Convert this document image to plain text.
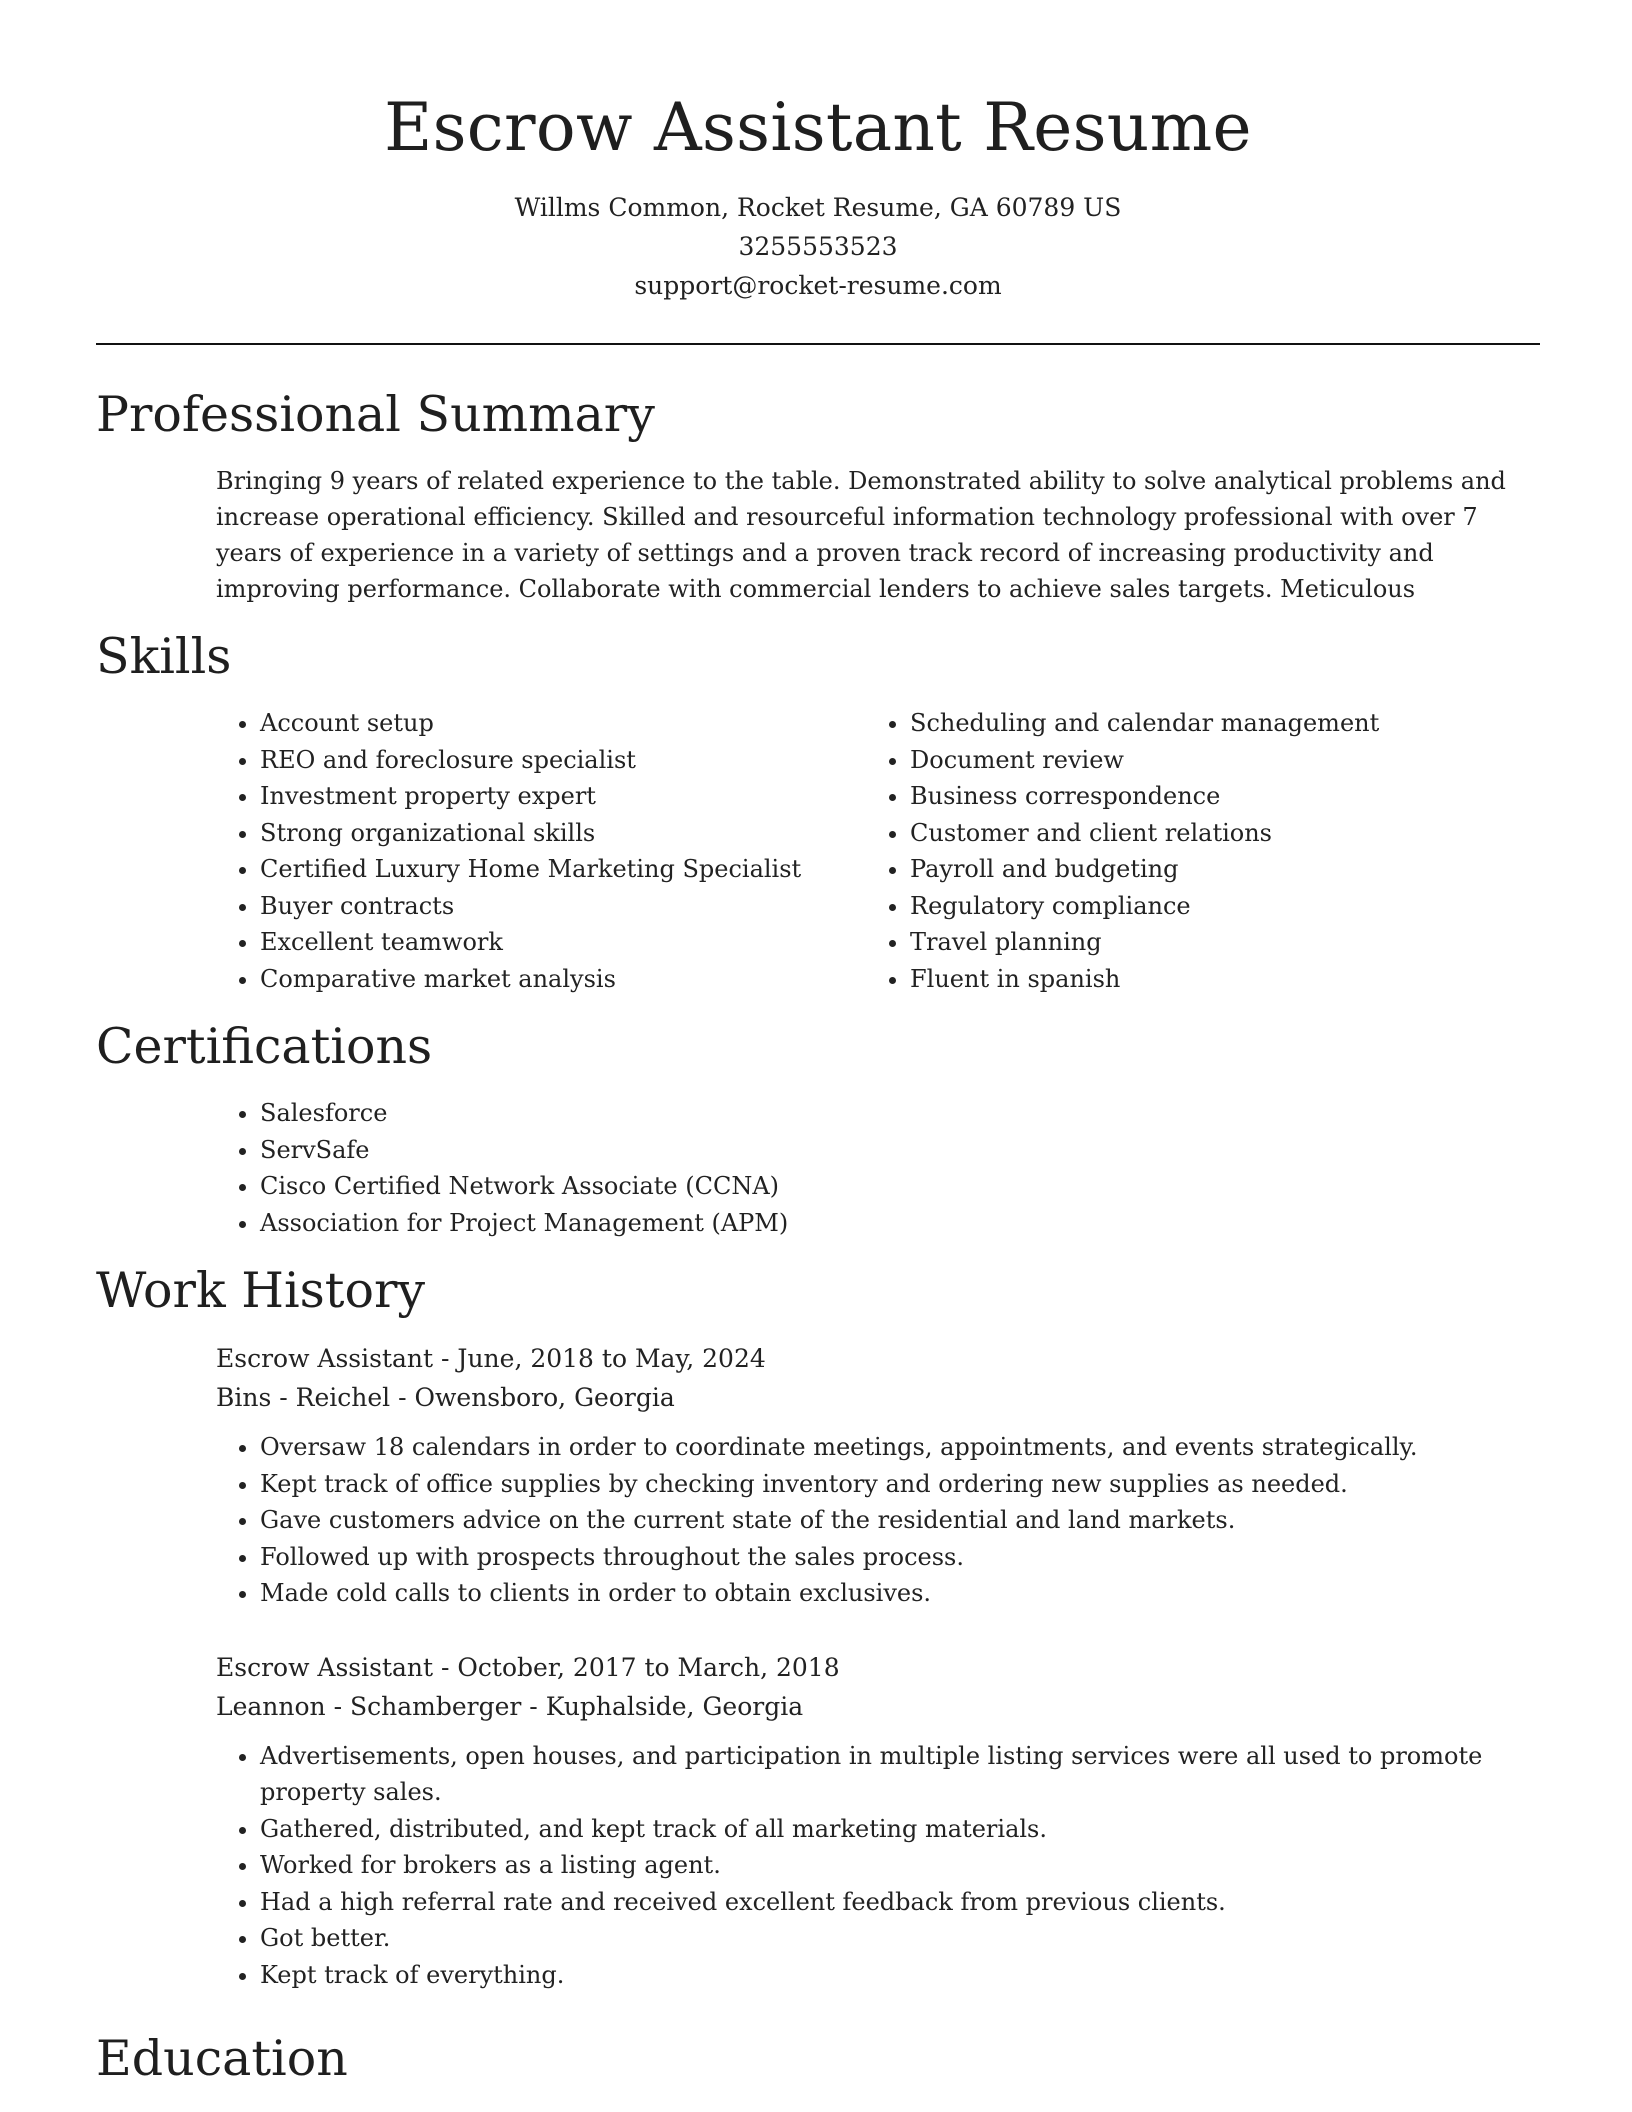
Escrow Assistant Resume
Willms Common, Rocket Resume, GA 60789 US
3255553523
support@rocket-resume.com
Professional Summary

Bringing 9 years of related experience to the table. Demonstrated ability to solve analytical problems and increase operational efficiency. Skilled and resourceful information technology professional with over 7 years of experience in a variety of settings and a proven track record of increasing productivity and improving performance. Collaborate with commercial lenders to achieve sales targets. Meticulous

Skills
• Account setup
• REO and foreclosure specialist
• Investment property expert
• Strong organizational skills
• Certified Luxury Home Marketing Specialist
• Buyer contracts
• Excellent teamwork
• Comparative market analysis
• Scheduling and calendar management
• Document review
• Business correspondence
• Customer and client relations
• Payroll and budgeting
• Regulatory compliance
• Travel planning
• Fluent in spanish
Certifications
• Salesforce
• ServSafe
• Cisco Certified Network Associate (CCNA)
• Association for Project Management (APM)
Work History
Escrow Assistant - June, 2018 to May, 2024
Bins - Reichel - Owensboro, Georgia
• Oversaw 18 calendars in order to coordinate meetings, appointments, and events strategically.
• Kept track of office supplies by checking inventory and ordering new supplies as needed.
• Gave customers advice on the current state of the residential and land markets.
• Followed up with prospects throughout the sales process.
• Made cold calls to clients in order to obtain exclusives.
Escrow Assistant - October, 2017 to March, 2018
Leannon - Schamberger - Kuphalside, Georgia
• Advertisements, open houses, and participation in multiple listing services were all used to promote property sales.
• Gathered, distributed, and kept track of all marketing materials.
• Worked for brokers as a listing agent.
• Had a high referral rate and received excellent feedback from previous clients.
• Got better.
• Kept track of everything.
Education
